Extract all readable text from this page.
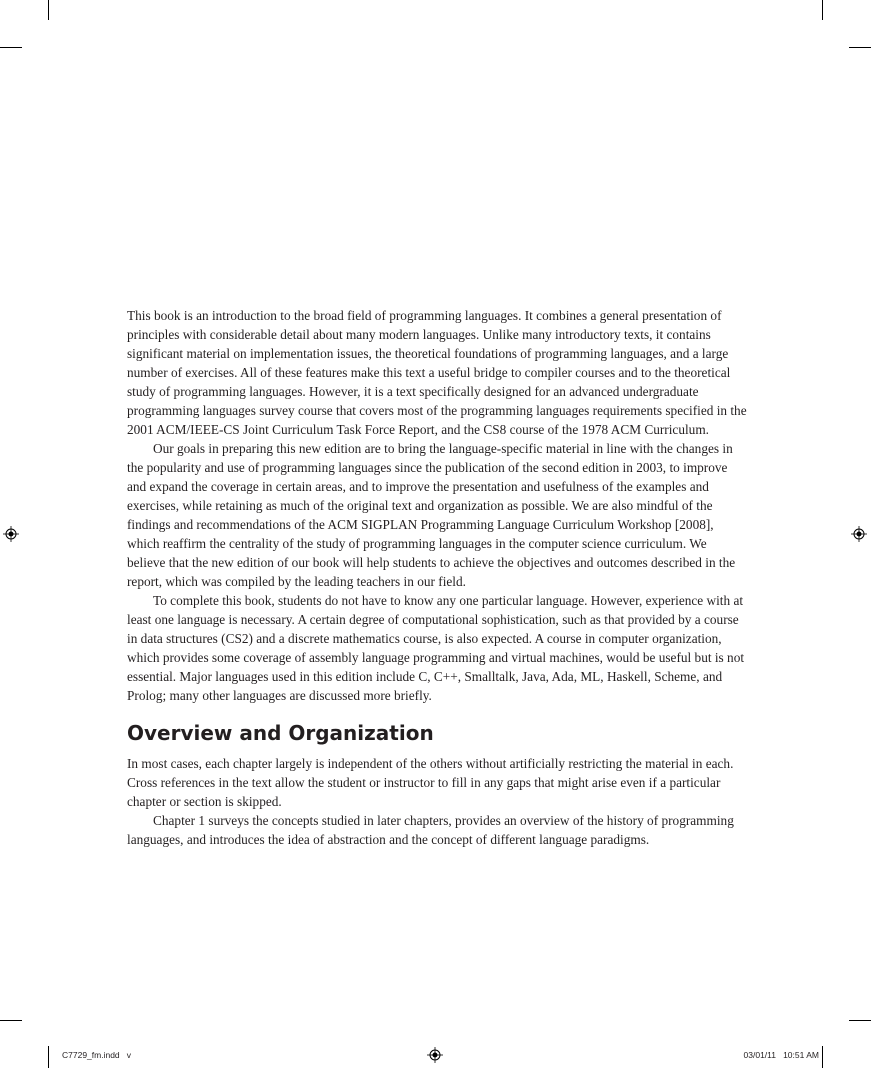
This book is an introduction to the broad field of programming languages. It combines a general presentation of principles with considerable detail about many modern languages. Unlike many introductory texts, it contains significant material on implementation issues, the theoretical foundations of programming languages, and a large number of exercises. All of these features make this text a useful bridge to compiler courses and to the theoretical study of programming languages. However, it is a text specifically designed for an advanced undergraduate programming languages survey course that covers most of the programming languages requirements specified in the 2001 ACM/IEEE-CS Joint Curriculum Task Force Report, and the CS8 course of the 1978 ACM Curriculum.

Our goals in preparing this new edition are to bring the language-specific material in line with the changes in the popularity and use of programming languages since the publication of the second edition in 2003, to improve and expand the coverage in certain areas, and to improve the presentation and usefulness of the examples and exercises, while retaining as much of the original text and organization as possible. We are also mindful of the findings and recommendations of the ACM SIGPLAN Programming Language Curriculum Workshop [2008], which reaffirm the centrality of the study of programming languages in the computer science curriculum. We believe that the new edition of our book will help students to achieve the objectives and outcomes described in the report, which was compiled by the leading teachers in our field.

To complete this book, students do not have to know any one particular language. However, experience with at least one language is necessary. A certain degree of computational sophistication, such as that provided by a course in data structures (CS2) and a discrete mathematics course, is also expected. A course in computer organization, which provides some coverage of assembly language programming and virtual machines, would be useful but is not essential. Major languages used in this edition include C, C++, Smalltalk, Java, Ada, ML, Haskell, Scheme, and Prolog; many other languages are discussed more briefly.

Overview and Organization

In most cases, each chapter largely is independent of the others without artificially restricting the material in each. Cross references in the text allow the student or instructor to fill in any gaps that might arise even if a particular chapter or section is skipped.

Chapter 1 surveys the concepts studied in later chapters, provides an overview of the history of programming languages, and introduces the idea of abstraction and the concept of different language paradigms.

C7729_fm.indd   v	03/01/11   10:51 AM
